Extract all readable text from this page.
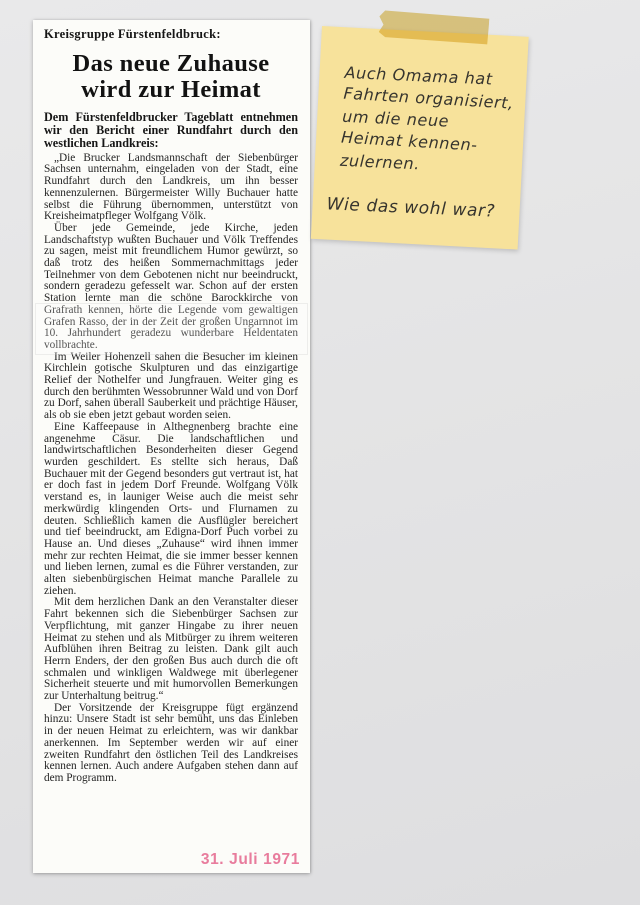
Kreisgruppe Fürstenfeldbruck:
Das neue Zuhause
wird zur Heimat

Dem Fürstenfeldbrucker Tageblatt entnehmen wir den Bericht einer Rundfahrt durch den westlichen Landkreis:

„Die Brucker Landsmannschaft der Siebenbürger Sachsen unternahm, eingeladen von der Stadt, eine Rundfahrt durch den Landkreis, um ihn besser kennenzulernen. Bürgermeister Willy Buchauer hatte selbst die Führung übernommen, unterstützt von Kreisheimatpfleger Wolfgang Völk.

Über jede Gemeinde, jede Kirche, jeden Landschaftstyp wußten Buchauer und Völk Treffendes zu sagen, meist mit freundlichem Humor gewürzt, so daß trotz des heißen Sommernachmittags jeder Teilnehmer von dem Gebotenen nicht nur beeindruckt, sondern geradezu gefesselt war. Schon auf der ersten Station lernte man die schöne Barockkirche von Grafrath kennen, hörte die Legende vom gewaltigen Grafen Rasso, der in der Zeit der großen Ungarnnot im 10. Jahrhundert geradezu wunderbare Heldentaten vollbrachte.

Im Weiler Hohenzell sahen die Besucher im kleinen Kirchlein gotische Skulpturen und das einzigartige Relief der Nothelfer und Jungfrauen. Weiter ging es durch den berühmten Wessobrunner Wald und von Dorf zu Dorf, sahen überall Sauberkeit und prächtige Häuser, als ob sie eben jetzt gebaut worden seien.

Eine Kaffeepause in Althegnenberg brachte eine angenehme Cäsur. Die landschaftlichen und landwirtschaftlichen Besonderheiten dieser Gegend wurden geschildert. Es stellte sich heraus, Daß Buchauer mit der Gegend besonders gut vertraut ist, hat er doch fast in jedem Dorf Freunde. Wolfgang Völk verstand es, in launiger Weise auch die meist sehr merkwürdig klingenden Orts- und Flurnamen zu deuten. Schließlich kamen die Ausflügler bereichert und tief beeindruckt, am Edigna-Dorf Puch vorbei zu Hause an. Und dieses „Zuhause“ wird ihnen immer mehr zur rechten Heimat, die sie immer besser kennen und lieben lernen, zumal es die Führer verstanden, zur alten siebenbürgischen Heimat manche Parallele zu ziehen.

Mit dem herzlichen Dank an den Veranstalter dieser Fahrt bekennen sich die Siebenbürger Sachsen zur Verpflichtung, mit ganzer Hingabe zu ihrer neuen Heimat zu stehen und als Mitbürger zu ihrem weiteren Aufblühen ihren Beitrag zu leisten. Dank gilt auch Herrn Enders, der den großen Bus auch durch die oft schmalen und winkligen Waldwege mit überlegener Sicherheit steuerte und mit humorvollen Bemerkungen zur Unterhaltung beitrug.“

Der Vorsitzende der Kreisgruppe fügt ergänzend hinzu: Unsere Stadt ist sehr bemüht, uns das Einleben in der neuen Heimat zu erleichtern, was wir dankbar anerkennen. Im September werden wir auf einer zweiten Rundfahrt den östlichen Teil des Landkreises kennen lernen. Auch andere Aufgaben stehen dann auf dem Programm.

31. Juli 1971
Auch Omama hat
Fahrten organisiert,
um die neue
Heimat kennen-
zulernen.
Wie das wohl war?
